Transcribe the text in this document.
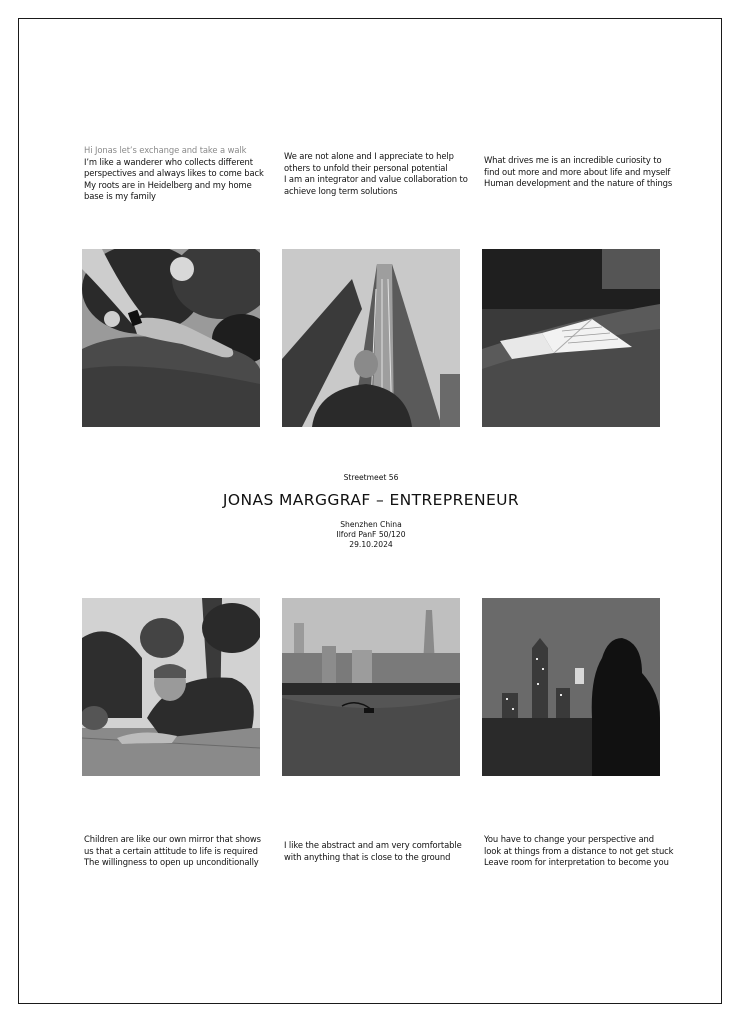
Hi Jonas let’s exchange and take a walk
I’m like a wanderer who collects different
perspectives and always likes to come back
My roots are in Heidelberg and my home
base is my family
We are not alone and I appreciate to help
others to unfold their personal potential
I am an integrator and value collaboration to
achieve long term solutions
What drives me is an incredible curiosity to
find out more and more about life and myself
Human development and the nature of things
Streetmeet 56
JONAS MARGGRAF – ENTREPRENEUR
Shenzhen China
Ilford PanF 50/120
29.10.2024
Children are like our own mirror that shows
us that a certain attitude to life is required
The willingness to open up unconditionally
I like the abstract and am very comfortable
with anything that is close to the ground
You have to change your perspective and
look at things from a distance to not get stuck
Leave room for interpretation to become you
